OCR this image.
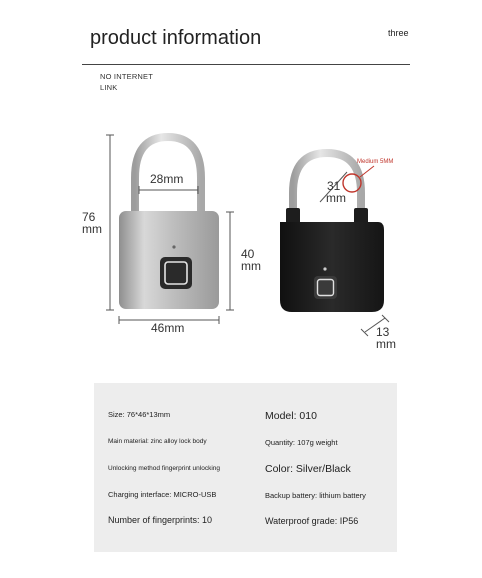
product information	three
NO INTERNET
LINK
28mm
76
mm
40
mm
46mm
31
mm
13
mm
Medium 5MM
Size: 76*46*13mm
Main material: zinc alloy lock body
Unlocking method fingerprint unlocking
Charging interface: MICRO-USB
Number of fingerprints: 10
Model: 010
Quantity: 107g weight
Color: Silver/Black
Backup battery: lithium battery
Waterproof grade: IP56
